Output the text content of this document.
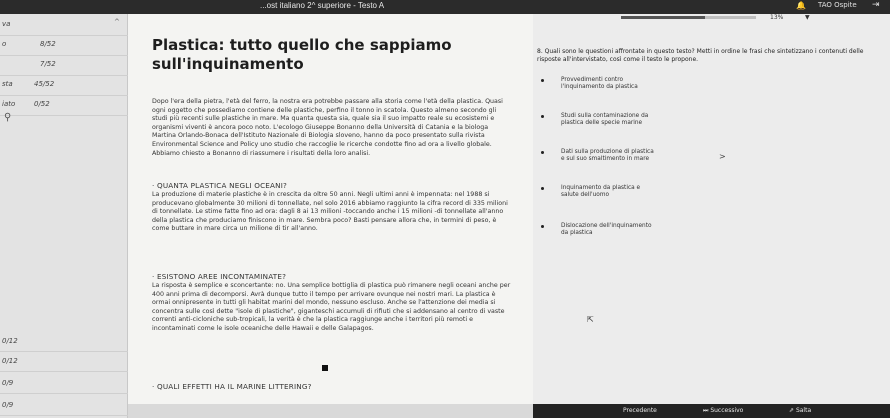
...ost italiano 2^ superiore - Testo A	🔔 TAO Ospite ⇥
va	^
o	8/52
7/52
sta	45/52
iato	0/52
⚲
0/12
0/12
0/9
0/9
Plastica: tutto quello che sappiamo
sull'inquinamento

Dopo l'era della pietra, l'età del ferro, la nostra era potrebbe passare alla storia come l'età della plastica. Quasi ogni oggetto che possediamo contiene delle plastiche, perfino il tonno in scatola. Questo almeno secondo gli studi più recenti sulle plastiche in mare. Ma quanta questa sia, quale sia il suo impatto reale su ecosistemi e organismi viventi è ancora poco noto. L'ecologo Giuseppe Bonanno della Università di Catania e la biologa Martina Orlando-Bonaca dell'Istituto Nazionale di Biologia sloveno, hanno da poco presentato sulla rivista Environmental Science and Policy uno studio che raccoglie le ricerche condotte fino ad ora a livello globale. Abbiamo chiesto a Bonanno di riassumere i risultati della loro analisi.

· QUANTA PLASTICA NEGLI OCEANI?

La produzione di materie plastiche è in crescita da oltre 50 anni. Negli ultimi anni è impennata: nel 1988 si producevano globalmente 30 milioni di tonnellate, nel solo 2016 abbiamo raggiunto la cifra record di 335 milioni di tonnellate. Le stime fatte fino ad ora: dagli 8 ai 13 milioni -toccando anche i 15 milioni -di tonnellate all'anno della plastica che produciamo finiscono in mare. Sembra poco? Basti pensare allora che, in termini di peso, è come buttare in mare circa un milione di tir all'anno.

· ESISTONO AREE INCONTAMINATE?

La risposta è semplice e sconcertante: no. Una semplice bottiglia di plastica può rimanere negli oceani anche per 400 anni prima di decomporsi. Avrà dunque tutto il tempo per arrivare ovunque nei nostri mari. La plastica è ormai onnipresente in tutti gli habitat marini del mondo, nessuno escluso. Anche se l'attenzione dei media si concentra sulle così dette "isole di plastiche", giganteschi accumuli di rifiuti che si addensano al centro di vaste correnti anti-cicloniche sub-tropicali, la verità è che la plastica raggiunge anche i territori più remoti e incontaminati come le isole oceaniche delle Hawaii e delle Galapagos.

· QUALI EFFETTI HA IL MARINE LITTERING?
13%	▼

8. Quali sono le questioni affrontate in questo testo? Metti in ordine le frasi che sintetizzano i contenuti delle risposte all'intervistato, così come il testo le propone.

Provvedimenti contro
l'inquinamento da plastica
Studi sulla contaminazione da
plastica delle specie marine
Dati sulla produzione di plastica
e sul suo smaltimento in mare
Inquinamento da plastica e
salute dell'uomo
Dislocazione dell'inquinamento
da plastica
>
⇱
Precedente	⏭ Successivo	⇗ Salta
